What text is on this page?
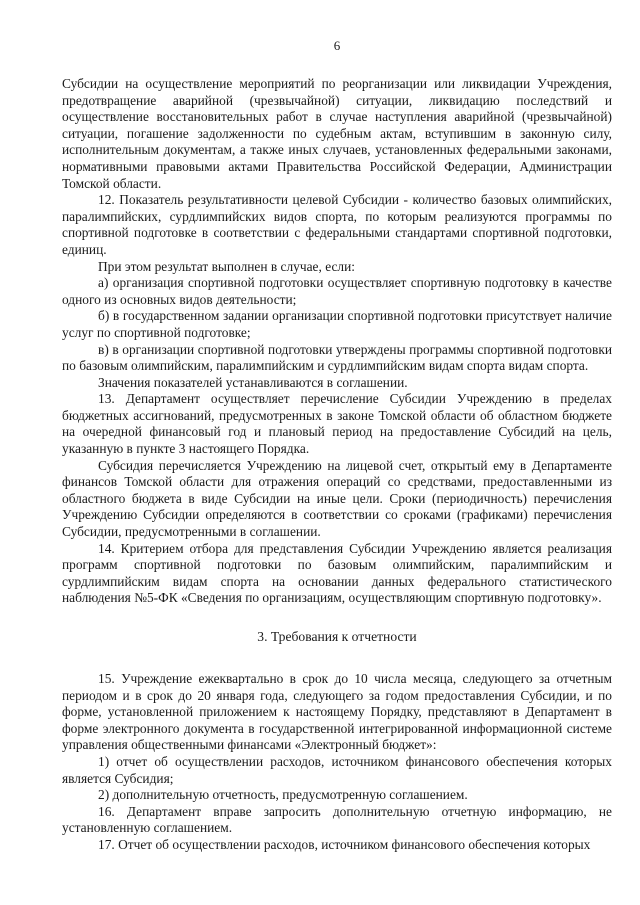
6

Субсидии на осуществление мероприятий по реорганизации или ликвидации Учреждения, предотвращение аварийной (чрезвычайной) ситуации, ликвидацию последствий и осуществление восстановительных работ в случае наступления аварийной (чрезвычайной) ситуации, погашение задолженности по судебным актам, вступившим в законную силу, исполнительным документам, а также иных случаев, установленных федеральными законами, нормативными правовыми актами Правительства Российской Федерации, Администрации Томской области.

12. Показатель результативности целевой Субсидии - количество базовых олимпийских, паралимпийских, сурдлимпийских видов спорта, по которым реализуются программы по спортивной подготовке в соответствии с федеральными стандартами спортивной подготовки, единиц.

При этом результат выполнен в случае, если:

а) организация спортивной подготовки осуществляет спортивную подготовку в качестве одного из основных видов деятельности;

б) в государственном задании организации спортивной подготовки присутствует наличие услуг по спортивной подготовке;

в) в организации спортивной подготовки утверждены программы спортивной подготовки по базовым олимпийским, паралимпийским и сурдлимпийским видам спорта видам спорта.

Значения показателей устанавливаются в соглашении.

13. Департамент осуществляет перечисление Субсидии Учреждению в пределах бюджетных ассигнований, предусмотренных в законе Томской области об областном бюджете на очередной финансовый год и плановый период на предоставление Субсидий на цель, указанную в пункте 3 настоящего Порядка.

Субсидия перечисляется Учреждению на лицевой счет, открытый ему в Департаменте финансов Томской области для отражения операций со средствами, предоставленными из областного бюджета в виде Субсидии на иные цели. Сроки (периодичность) перечисления Учреждению Субсидии определяются в соответствии со сроками (графиками) перечисления Субсидии, предусмотренными в соглашении.

14. Критерием отбора для представления Субсидии Учреждению является реализация программ спортивной подготовки по базовым олимпийским, паралимпийским и сурдлимпийским видам спорта на основании данных федерального статистического наблюдения №5-ФК «Сведения по организациям, осуществляющим спортивную подготовку».

3. Требования к отчетности

15. Учреждение ежеквартально в срок до 10 числа месяца, следующего за отчетным периодом и в срок до 20 января года, следующего за годом предоставления Субсидии, и по форме, установленной приложением к настоящему Порядку, представляют в Департамент в форме электронного документа в государственной интегрированной информационной системе управления общественными финансами «Электронный бюджет»:

1) отчет об осуществлении расходов, источником финансового обеспечения которых является Субсидия;

2) дополнительную отчетность, предусмотренную соглашением.

16. Департамент вправе запросить дополнительную отчетную информацию, не установленную соглашением.

17. Отчет об осуществлении расходов, источником финансового обеспечения которых
